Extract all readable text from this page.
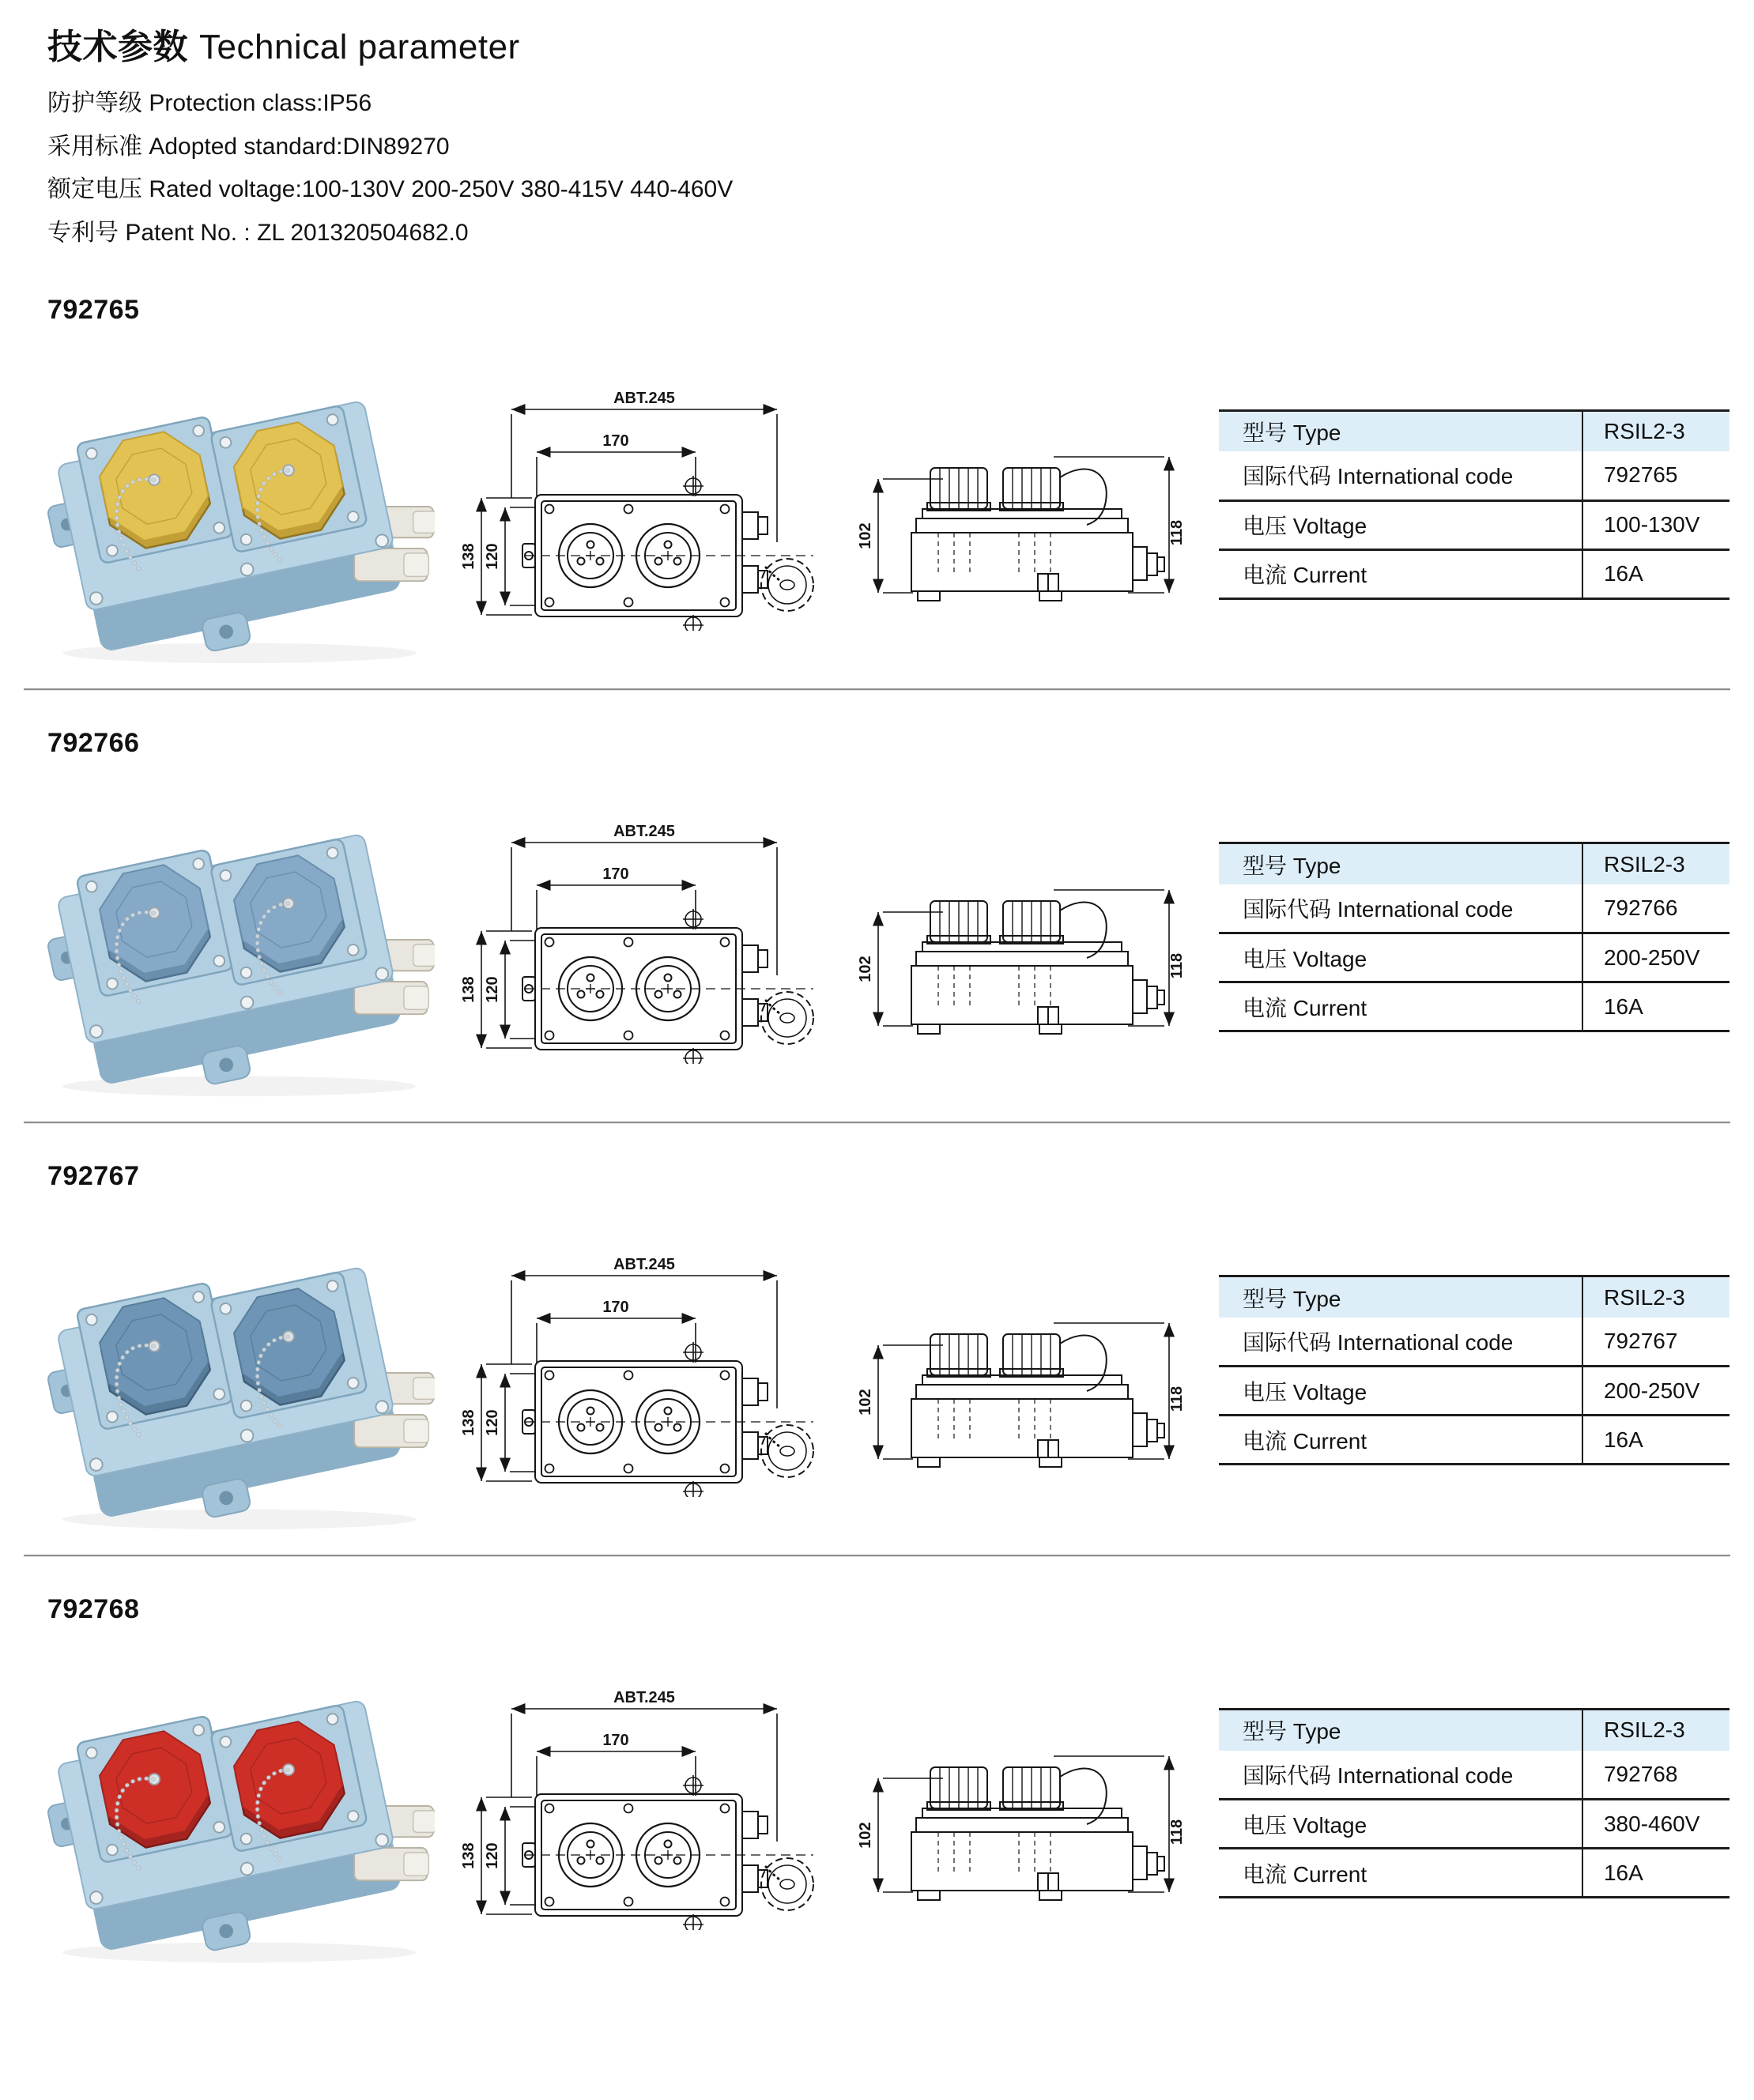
技术参数 Technical parameter

防护等级 Protection class:IP56

采用标准 Adopted standard:DIN89270

额定电压 Rated voltage:100-130V 200-250V 380-415V 440-460V

专利号 Patent No. : ZL 201320504682.0

792765
ABT.245
170
138 120
102	118
型号 Type	RSIL2-3
国际代码 International code	792765
电压 Voltage	100-130V
电流 Current	16A
792766
ABT.245
170
138 120
102	118
型号 Type	RSIL2-3
国际代码 International code	792766
电压 Voltage	200-250V
电流 Current	16A
792767
ABT.245
170
138 120
102	118
型号 Type	RSIL2-3
国际代码 International code	792767
电压 Voltage	200-250V
电流 Current	16A
792768
ABT.245
170
138 120
102	118
型号 Type	RSIL2-3
国际代码 International code	792768
电压 Voltage	380-460V
电流 Current	16A
